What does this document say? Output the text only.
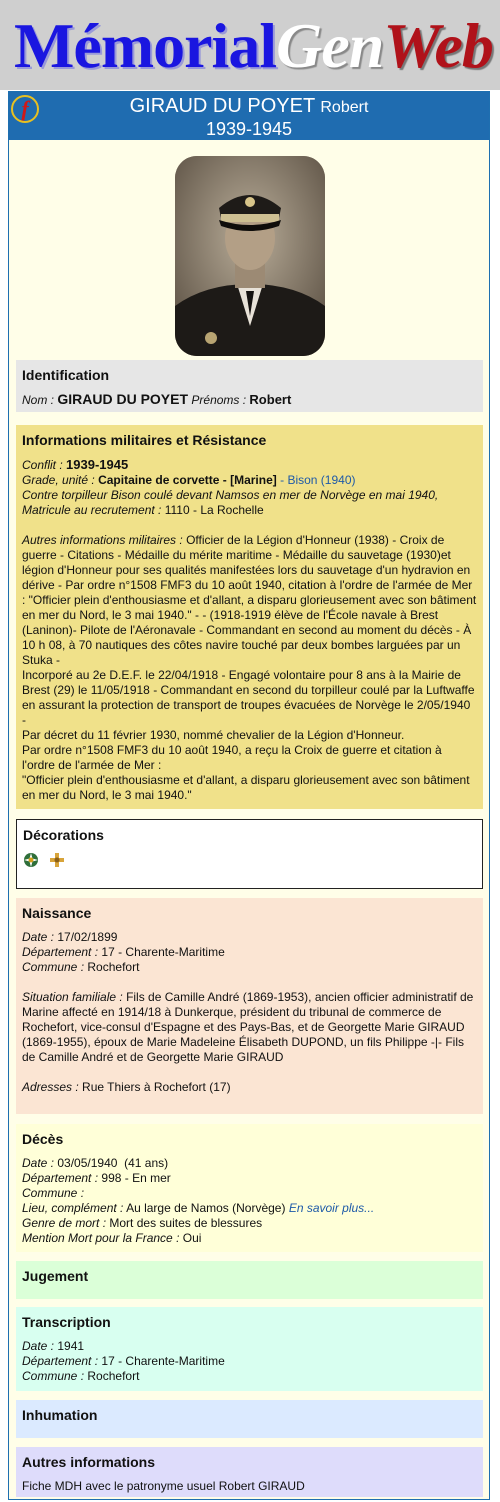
MémorialGenWeb
f	GIRAUD DU POYET Robert
1939-1945
Identification
Nom : GIRAUD DU POYET Prénoms : Robert
Informations militaires et Résistance
Conflit : 1939-1945
Grade, unité : Capitaine de corvette - [Marine] - Bison (1940)
Contre torpilleur Bison coulé devant Namsos en mer de Norvège en mai 1940,
Matricule au recrutement : 1110 - La Rochelle
Autres informations militaires : Officier de la Légion d'Honneur (1938) - Croix de guerre - Citations - Médaille du mérite maritime - Médaille du sauvetage (1930)et légion d'Honneur pour ses qualités manifestées lors du sauvetage d'un hydravion en dérive - Par ordre n°1508 FMF3 du 10 août 1940, citation à l'ordre de l'armée de Mer : "Officier plein d'enthousiasme et d'allant, a disparu glorieusement avec son bâtiment en mer du Nord, le 3 mai 1940." - - (1918-1919 élève de l'École navale à Brest (Laninon)- Pilote de l'Aéronavale - Commandant en second au moment du décès - À 10 h 08, à 70 nautiques des côtes navire touché par deux bombes larguées par un Stuka -
Incorporé au 2e D.E.F. le 22/04/1918 - Engagé volontaire pour 8 ans à la Mairie de Brest (29) le 11/05/1918 - Commandant en second du torpilleur coulé par la Luftwaffe en assurant la protection de transport de troupes évacuées de Norvège le 2/05/1940 -
Par décret du 11 février 1930, nommé chevalier de la Légion d'Honneur.
Par ordre n°1508 FMF3 du 10 août 1940, a reçu la Croix de guerre et citation à l'ordre de l'armée de Mer :
"Officier plein d'enthousiasme et d'allant, a disparu glorieusement avec son bâtiment en mer du Nord, le 3 mai 1940."
Décorations
Naissance
Date : 17/02/1899
Département : 17 - Charente-Maritime
Commune : Rochefort
Situation familiale : Fils de Camille André (1869-1953), ancien officier administratif de Marine affecté en 1914/18 à Dunkerque, président du tribunal de commerce de Rochefort, vice-consul d'Espagne et des Pays-Bas, et de Georgette Marie GIRAUD (1869-1955), époux de Marie Madeleine Élisabeth DUPOND, un fils Philippe -|- Fils de Camille André et de Georgette Marie GIRAUD
Adresses : Rue Thiers à Rochefort (17)
Décès
Date : 03/05/1940  (41 ans)
Département : 998 - En mer
Commune :
Lieu, complément : Au large de Namos (Norvège) En savoir plus...
Genre de mort : Mort des suites de blessures
Mention Mort pour la France : Oui
Jugement
Transcription
Date : 1941
Département : 17 - Charente-Maritime
Commune : Rochefort
Inhumation
Autres informations
Fiche MDH avec le patronyme usuel Robert GIRAUD
